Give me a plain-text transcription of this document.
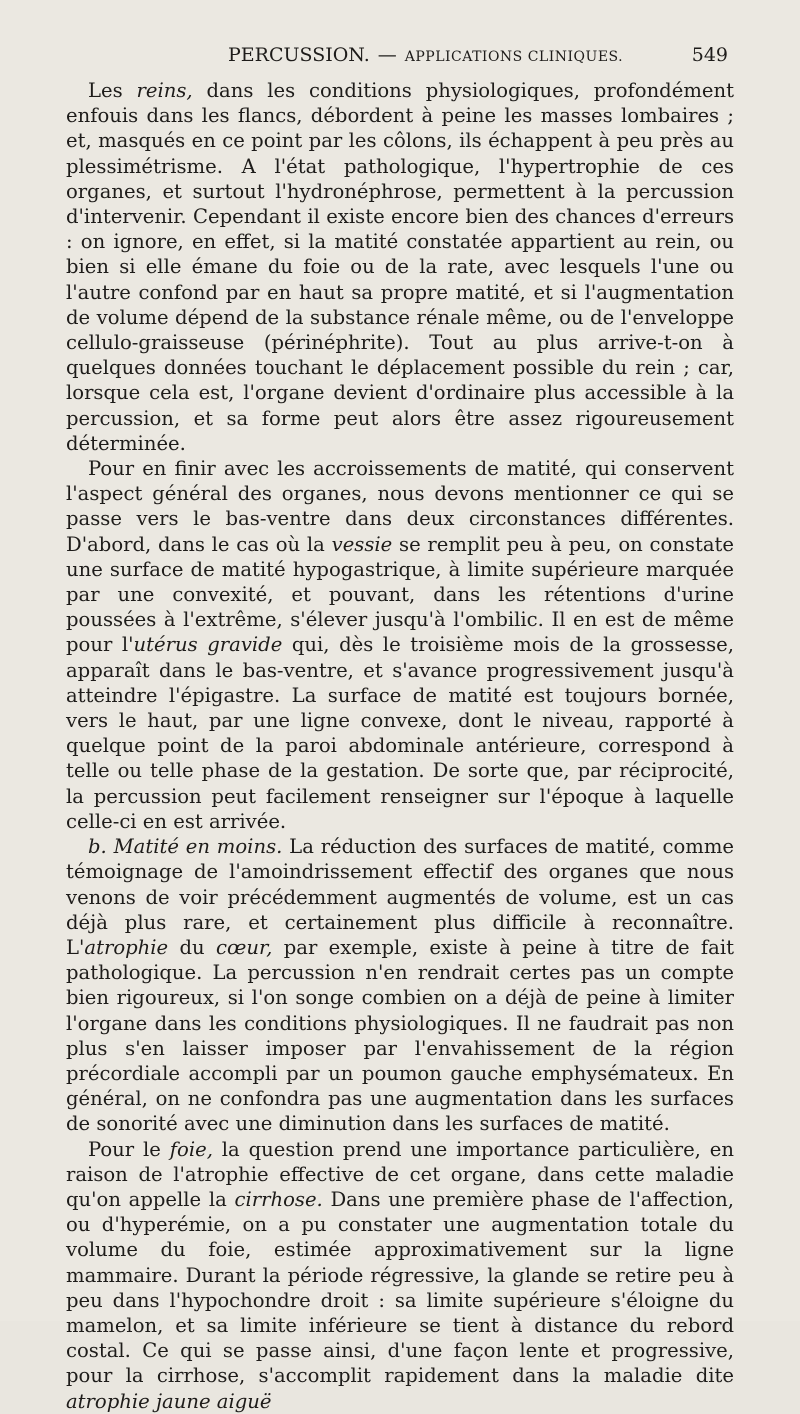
PERCUSSION. — APPLICATIONS CLINIQUES.	549

Les reins, dans les conditions physiologiques, profondément enfouis dans les flancs, débordent à peine les masses lombaires ; et, masqués en ce point par les côlons, ils échappent à peu près au plessimétrisme. A l'état pathologique, l'hypertrophie de ces organes, et surtout l'hydronéphrose, permettent à la percussion d'intervenir. Cependant il existe encore bien des chances d'erreurs : on ignore, en effet, si la matité constatée appartient au rein, ou bien si elle émane du foie ou de la rate, avec lesquels l'une ou l'autre confond par en haut sa propre matité, et si l'augmentation de volume dépend de la substance rénale même, ou de l'enveloppe cellulo-graisseuse (périnéphrite). Tout au plus arrive-t-on à quelques données touchant le déplacement possible du rein ; car, lorsque cela est, l'organe devient d'ordinaire plus accessible à la percussion, et sa forme peut alors être assez rigoureusement déterminée.

Pour en finir avec les accroissements de matité, qui conservent l'aspect général des organes, nous devons mentionner ce qui se passe vers le bas-ventre dans deux circonstances différentes. D'abord, dans le cas où la vessie se remplit peu à peu, on constate une surface de matité hypogastrique, à limite supérieure marquée par une convexité, et pouvant, dans les rétentions d'urine poussées à l'extrême, s'élever jusqu'à l'ombilic. Il en est de même pour l'utérus gravide qui, dès le troisième mois de la grossesse, apparaît dans le bas-ventre, et s'avance progressivement jusqu'à atteindre l'épigastre. La surface de matité est toujours bornée, vers le haut, par une ligne convexe, dont le niveau, rapporté à quelque point de la paroi abdominale antérieure, correspond à telle ou telle phase de la gestation. De sorte que, par réciprocité, la percussion peut facilement renseigner sur l'époque à laquelle celle-ci en est arrivée.

b. Matité en moins. La réduction des surfaces de matité, comme témoignage de l'amoindrissement effectif des organes que nous venons de voir précédemment augmentés de volume, est un cas déjà plus rare, et certainement plus difficile à reconnaître. L'atrophie du cœur, par exemple, existe à peine à titre de fait pathologique. La percussion n'en rendrait certes pas un compte bien rigoureux, si l'on songe combien on a déjà de peine à limiter l'organe dans les conditions physiologiques. Il ne faudrait pas non plus s'en laisser imposer par l'envahissement de la région précordiale accompli par un poumon gauche emphysémateux. En général, on ne confondra pas une augmentation dans les surfaces de sonorité avec une diminution dans les surfaces de matité.

Pour le foie, la question prend une importance particulière, en raison de l'atrophie effective de cet organe, dans cette maladie qu'on appelle la cirrhose. Dans une première phase de l'affection, ou d'hyperémie, on a pu constater une augmentation totale du volume du foie, estimée approximativement sur la ligne mammaire. Durant la période régressive, la glande se retire peu à peu dans l'hypochondre droit : sa limite supérieure s'éloigne du mamelon, et sa limite inférieure se tient à distance du rebord costal. Ce qui se passe ainsi, d'une façon lente et progressive, pour la cirrhose, s'accomplit rapidement dans la maladie dite atrophie jaune aiguë
